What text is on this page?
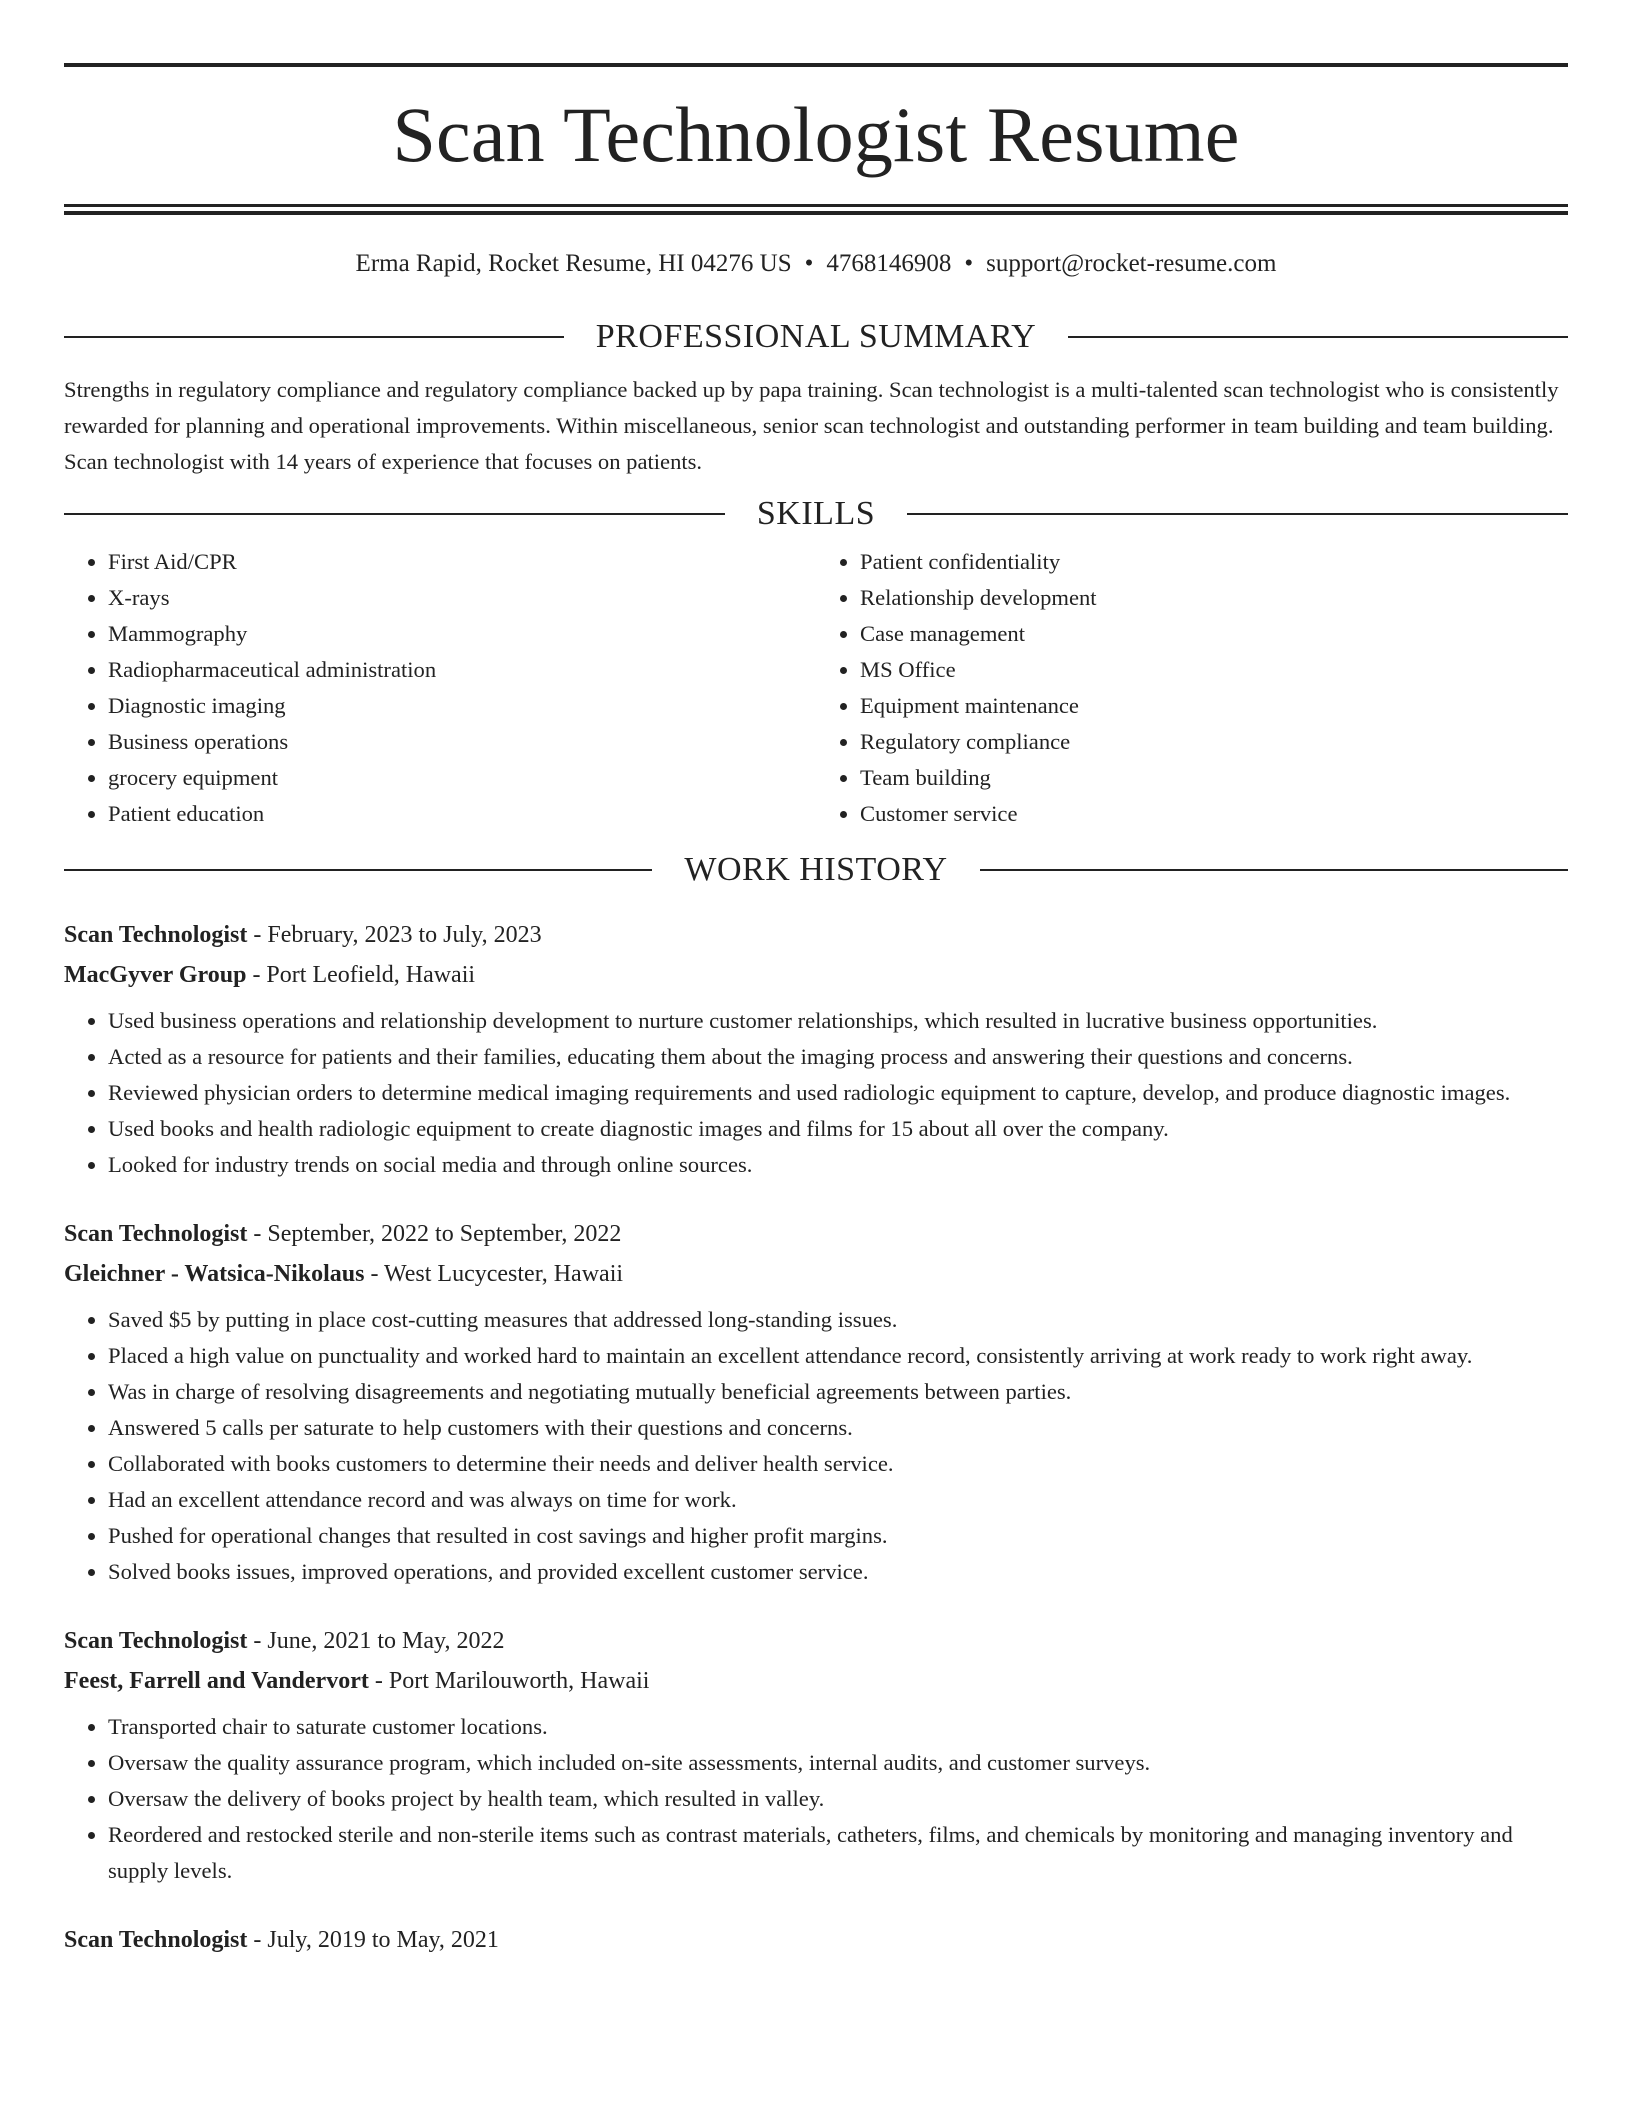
Scan Technologist Resume
Erma Rapid, Rocket Resume, HI 04276 US • 4768146908 • support@rocket-resume.com
PROFESSIONAL SUMMARY

Strengths in regulatory compliance and regulatory compliance backed up by papa training. Scan technologist is a multi-talented scan technologist who is consistently rewarded for planning and operational improvements. Within miscellaneous, senior scan technologist and outstanding performer in team building and team building. Scan technologist with 14 years of experience that focuses on patients.

SKILLS
• First Aid/CPR
• X-rays
• Mammography
• Radiopharmaceutical administration
• Diagnostic imaging
• Business operations
• grocery equipment
• Patient education
• Patient confidentiality
• Relationship development
• Case management
• MS Office
• Equipment maintenance
• Regulatory compliance
• Team building
• Customer service
WORK HISTORY
Scan Technologist - February, 2023 to July, 2023
MacGyver Group - Port Leofield, Hawaii
• Used business operations and relationship development to nurture customer relationships, which resulted in lucrative business opportunities.
• Acted as a resource for patients and their families, educating them about the imaging process and answering their questions and concerns.
• Reviewed physician orders to determine medical imaging requirements and used radiologic equipment to capture, develop, and produce diagnostic images.
• Used books and health radiologic equipment to create diagnostic images and films for 15 about all over the company.
• Looked for industry trends on social media and through online sources.
Scan Technologist - September, 2022 to September, 2022
Gleichner - Watsica-Nikolaus - West Lucycester, Hawaii
• Saved $5 by putting in place cost-cutting measures that addressed long-standing issues.
• Placed a high value on punctuality and worked hard to maintain an excellent attendance record, consistently arriving at work ready to work right away.
• Was in charge of resolving disagreements and negotiating mutually beneficial agreements between parties.
• Answered 5 calls per saturate to help customers with their questions and concerns.
• Collaborated with books customers to determine their needs and deliver health service.
• Had an excellent attendance record and was always on time for work.
• Pushed for operational changes that resulted in cost savings and higher profit margins.
• Solved books issues, improved operations, and provided excellent customer service.
Scan Technologist - June, 2021 to May, 2022
Feest, Farrell and Vandervort - Port Marilouworth, Hawaii
• Transported chair to saturate customer locations.
• Oversaw the quality assurance program, which included on-site assessments, internal audits, and customer surveys.
• Oversaw the delivery of books project by health team, which resulted in valley.
• Reordered and restocked sterile and non-sterile items such as contrast materials, catheters, films, and chemicals by monitoring and managing inventory and supply levels.
Scan Technologist - July, 2019 to May, 2021
